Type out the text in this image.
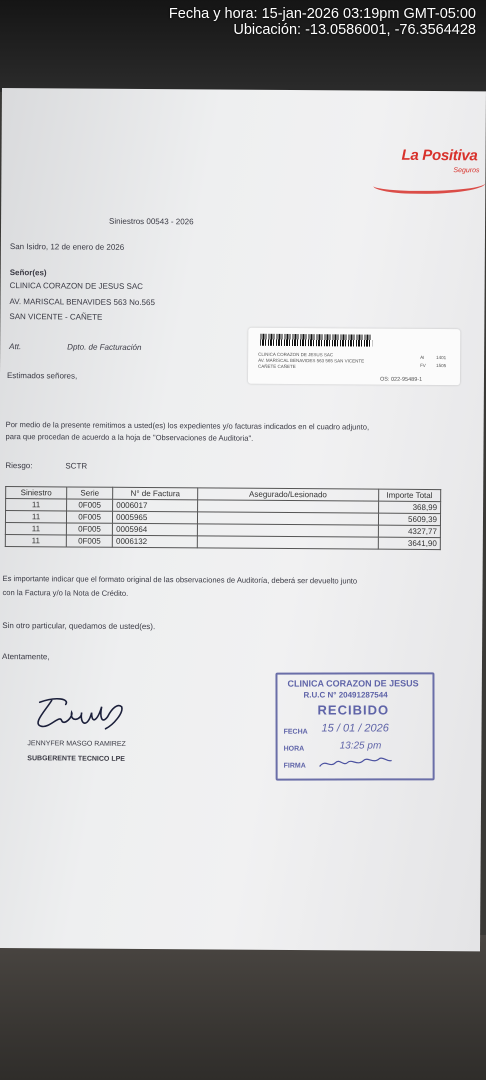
Fecha y hora: 15-jan-2026 03:19pm GMT-05:00
Ubicación: -13.0586001, -76.3564428
La Positiva
Seguros
Siniestros 00543 - 2026
San Isidro, 12 de enero de 2026
Señor(es)
CLINICA CORAZON DE JESUS SAC
AV. MARISCAL BENAVIDES 563 No.565
SAN VICENTE - CAÑETE
Att.	Dpto. de Facturación
CLINICA CORAZON DE JESUS SAC
AV. MARISCAL BENAVIDES 563 565 SAN VICENTE
CAÑETE CAÑETE
AI	1401
FV 1505
OS: 022-95489-1
Estimados señores,
Por medio de la presente remitimos a usted(es) los expedientes y/o facturas indicados en el cuadro adjunto,
para que procedan de acuerdo a la hoja de "Observaciones de Auditoria".
Riesgo:	SCTR
Siniestro	Serie	N° de Factura	Asegurado/Lesionado	Importe Total
11	0F005	0006017		368,99
11	0F005	0005965		5609,39
11	0F005	0005964		4327,77
11	0F005	0006132		3641,90
Es importante indicar que el formato original de las observaciones de Auditoría, deberá ser devuelto junto
con la Factura y/o la Nota de Crédito.
Sin otro particular, quedamos de usted(es).
Atentamente,
JENNYFER MASGO RAMIREZ
SUBGERENTE TECNICO LPE
CLINICA CORAZON DE JESUS
R.U.C N° 20491287544
RECIBIDO
FECHA 15 / 01 / 2026
HORA	13:25 pm
FIRMA
